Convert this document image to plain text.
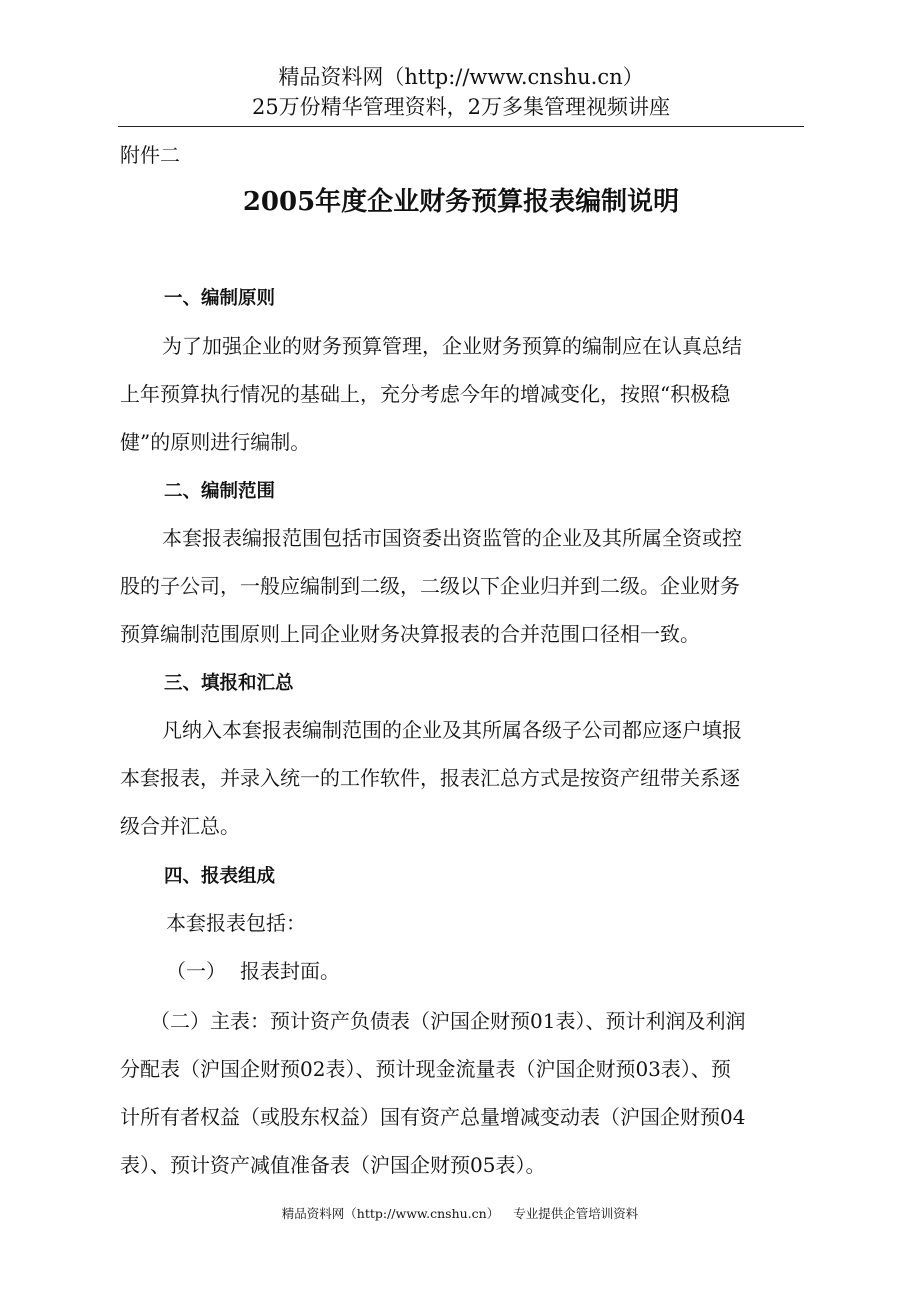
精品资料网（http://www.cnshu.cn）
25万份精华管理资料，2万多集管理视频讲座
附件二
2005年度企业财务预算报表编制说明
一、编制原则
为了加强企业的财务预算管理，企业财务预算的编制应在认真总结
上年预算执行情况的基础上，充分考虑今年的增减变化，按照“积极稳
健”的原则进行编制。
二、编制范围
本套报表编报范围包括市国资委出资监管的企业及其所属全资或控
股的子公司，一般应编制到二级，二级以下企业归并到二级。企业财务
预算编制范围原则上同企业财务决算报表的合并范围口径相一致。
三、填报和汇总
凡纳入本套报表编制范围的企业及其所属各级子公司都应逐户填报
本套报表，并录入统一的工作软件，报表汇总方式是按资产纽带关系逐
级合并汇总。
四、报表组成
本套报表包括：
（一） 报表封面。
（二）主表：预计资产负债表（沪国企财预01表）、预计利润及利润
分配表（沪国企财预02表）、预计现金流量表（沪国企财预03表）、预
计所有者权益（或股东权益）国有资产总量增减变动表（沪国企财预04
表）、预计资产减值准备表（沪国企财预05表）。
精品资料网（http://www.cnshu.cn） 专业提供企管培训资料
